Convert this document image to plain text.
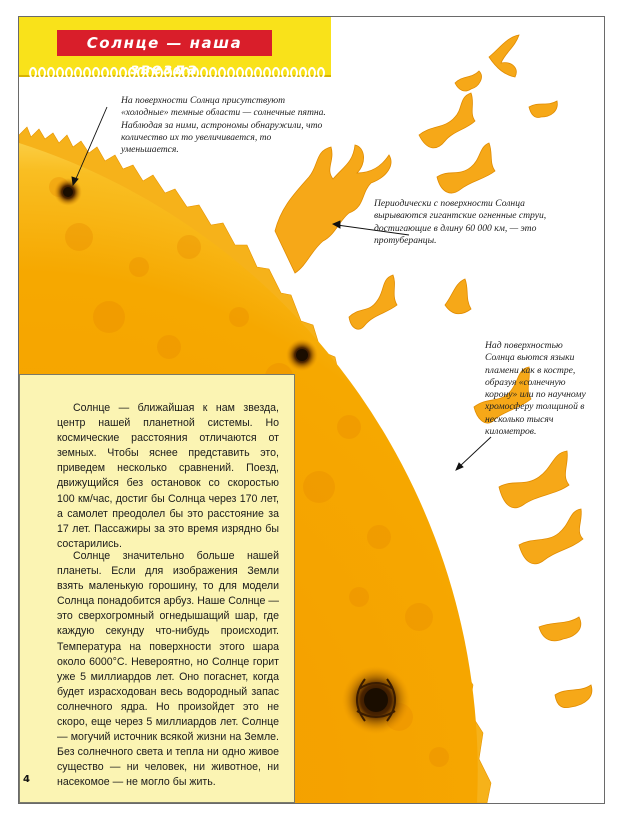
Солнце — наша звезда
На поверхности Солнца присутствуют «холодные» темные области — солнечные пятна. Наблюдая за ними, астрономы обнаружили, что количество их то увеличивается, то уменьшается.
Периодически с поверхности Солнца вырываются гигантские огненные струи, достигающие в длину 60 000 км, — это протуберанцы.
Над поверхностью Солнца вьются языки пламени как в костре, образуя «солнечную корону» или по научному хромосферу толщиной в несколько тысяч километров.

Солнце — ближайшая к нам звезда, центр нашей планетной системы. Но космические расстояния отличаются от земных. Чтобы яснее представить это, приведем несколько сравнений. Поезд, движущийся без остановок со скоростью 100 км/час, достиг бы Солнца через 170 лет, а самолет преодолел бы это расстояние за 17 лет. Пассажиры за это время изрядно бы состарились.

Солнце значительно больше нашей планеты. Если для изображения Земли взять маленькую горошину, то для модели Солнца понадобится арбуз. Наше Солнце — это сверхогромный огнедышащий шар, где каждую секунду что-нибудь происходит. Температура на поверхности этого шара около 6000°С. Невероятно, но Солнце горит уже 5 миллиардов лет. Оно погаснет, когда будет израсходован весь водородный запас солнечного ядра. Но произойдет это не скоро, еще через 5 миллиардов лет. Солнце — могучий источник всякой жизни на Земле. Без солнечного света и тепла ни одно живое существо — ни человек, ни животное, ни насекомое — не могло бы жить.

4
